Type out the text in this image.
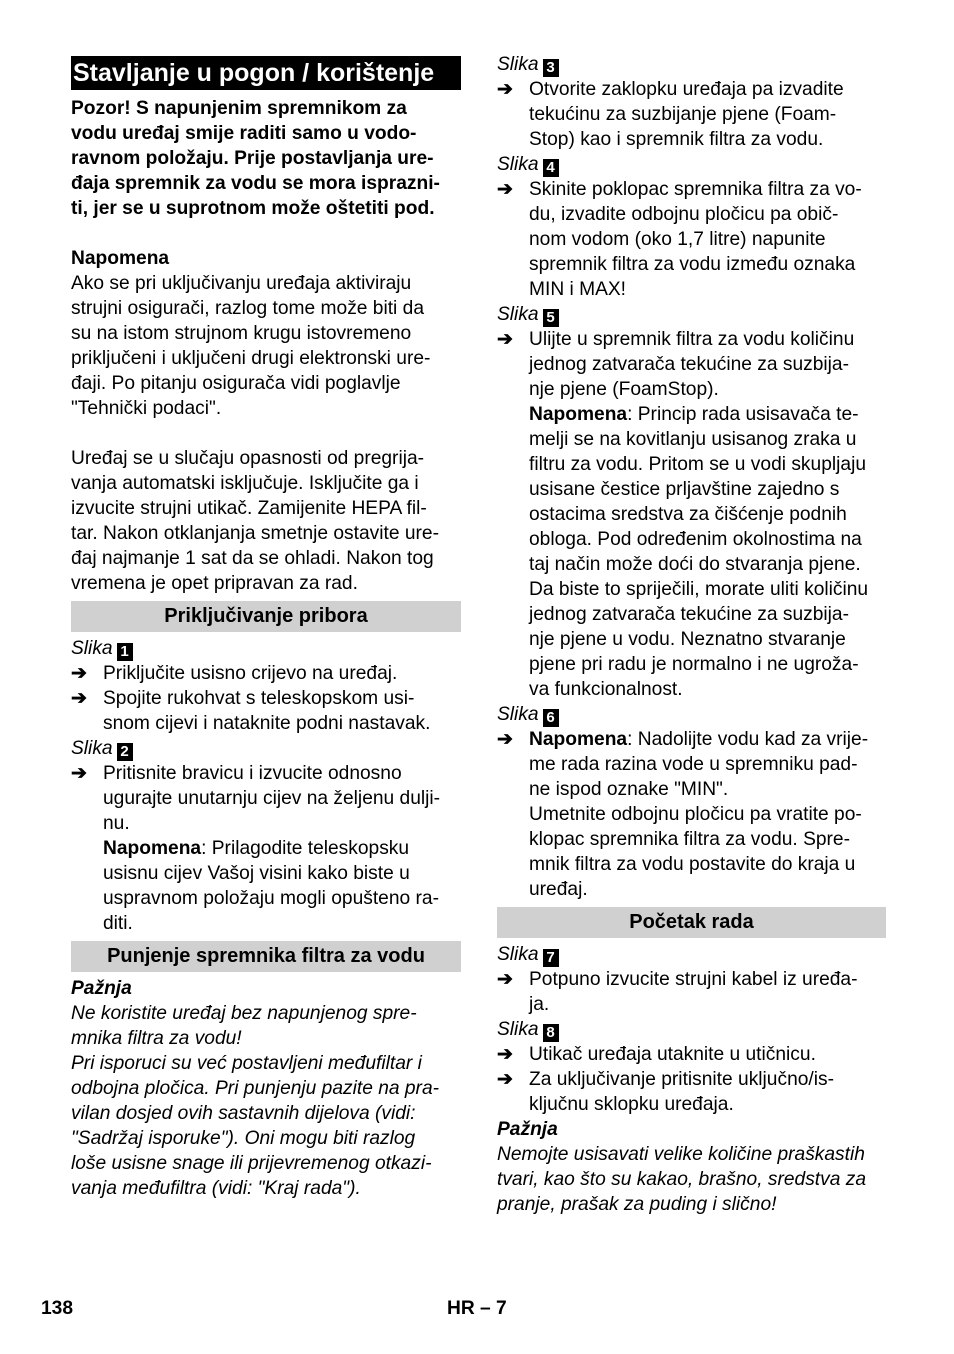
Stavljanje u pogon / korištenje

Pozor! S napunjenim spremnikom za

vodu uređaj smije raditi samo u vodo-

ravnom položaju. Prije postavljanja ure-

đaja spremnik za vodu se mora isprazni-

ti, jer se u suprotnom može oštetiti pod.

Napomena

Ako se pri uključivanju uređaja aktiviraju

strujni osigurači, razlog tome može biti da

su na istom strujnom krugu istovremeno

priključeni i uključeni drugi elektronski ure-

đaji. Po pitanju osigurača vidi poglavlje

"Tehnički podaci".

Uređaj se u slučaju opasnosti od pregrija-

vanja automatski isključuje. Isključite ga i

izvucite strujni utikač. Zamijenite HEPA fil-

tar. Nakon otklanjanja smetnje ostavite ure-

đaj najmanje 1 sat da se ohladi. Nakon tog

vremena je opet pripravan za rad.

Priključivanje pribora
Slika 1
➔ Priključite usisno crijevo na uređaj.
➔ Spojite rukohvat s teleskopskom usi-
snom cijevi i nataknite podni nastavak.
Slika 2
➔ Pritisnite bravicu i izvucite odnosno
ugurajte unutarnju cijev na željenu dulji-
nu.
Napomena: Prilagodite teleskopsku
usisnu cijev Vašoj visini kako biste u
uspravnom položaju mogli opušteno ra-
diti.
Punjenje spremnika filtra za vodu

Pažnja

Ne koristite uređaj bez napunjenog spre-

mnika filtra za vodu!

Pri isporuci su već postavljeni međufiltar i

odbojna pločica. Pri punjenju pazite na pra-

vilan dosjed ovih sastavnih dijelova (vidi:

"Sadržaj isporuke"). Oni mogu biti razlog

loše usisne snage ili prijevremenog otkazi-

vanja međufiltra (vidi: "Kraj rada").

Slika 3
➔ Otvorite zaklopku uređaja pa izvadite
tekućinu za suzbijanje pjene (Foam-
Stop) kao i spremnik filtra za vodu.
Slika 4
➔ Skinite poklopac spremnika filtra za vo-
du, izvadite odbojnu pločicu pa obič-
nom vodom (oko 1,7 litre) napunite
spremnik filtra za vodu između oznaka
MIN i MAX!
Slika 5
➔ Ulijte u spremnik filtra za vodu količinu
jednog zatvarača tekućine za suzbija-
nje pjene (FoamStop).
Napomena: Princip rada usisavača te-
melji se na kovitlanju usisanog zraka u
filtru za vodu. Pritom se u vodi skupljaju
usisane čestice prljavštine zajedno s
ostacima sredstva za čišćenje podnih
obloga. Pod određenim okolnostima na
taj način može doći do stvaranja pjene.
Da biste to spriječili, morate uliti količinu
jednog zatvarača tekućine za suzbija-
nje pjene u vodu. Neznatno stvaranje
pjene pri radu je normalno i ne ugroža-
va funkcionalnost.
Slika 6
➔ Napomena: Nadolijte vodu kad za vrije-
me rada razina vode u spremniku pad-
ne ispod oznake "MIN".
Umetnite odbojnu pločicu pa vratite po-
klopac spremnika filtra za vodu. Spre-
mnik filtra za vodu postavite do kraja u
uređaj.
Početak rada
Slika 7
➔ Potpuno izvucite strujni kabel iz uređa-
ja.
Slika 8
➔ Utikač uređaja utaknite u utičnicu.
➔ Za uključivanje pritisnite uključno/is-
ključnu sklopku uređaja.

Pažnja

Nemojte usisavati velike količine praškastih

tvari, kao što su kakao, brašno, sredstva za

pranje, prašak za puding i slično!

138	HR – 7
